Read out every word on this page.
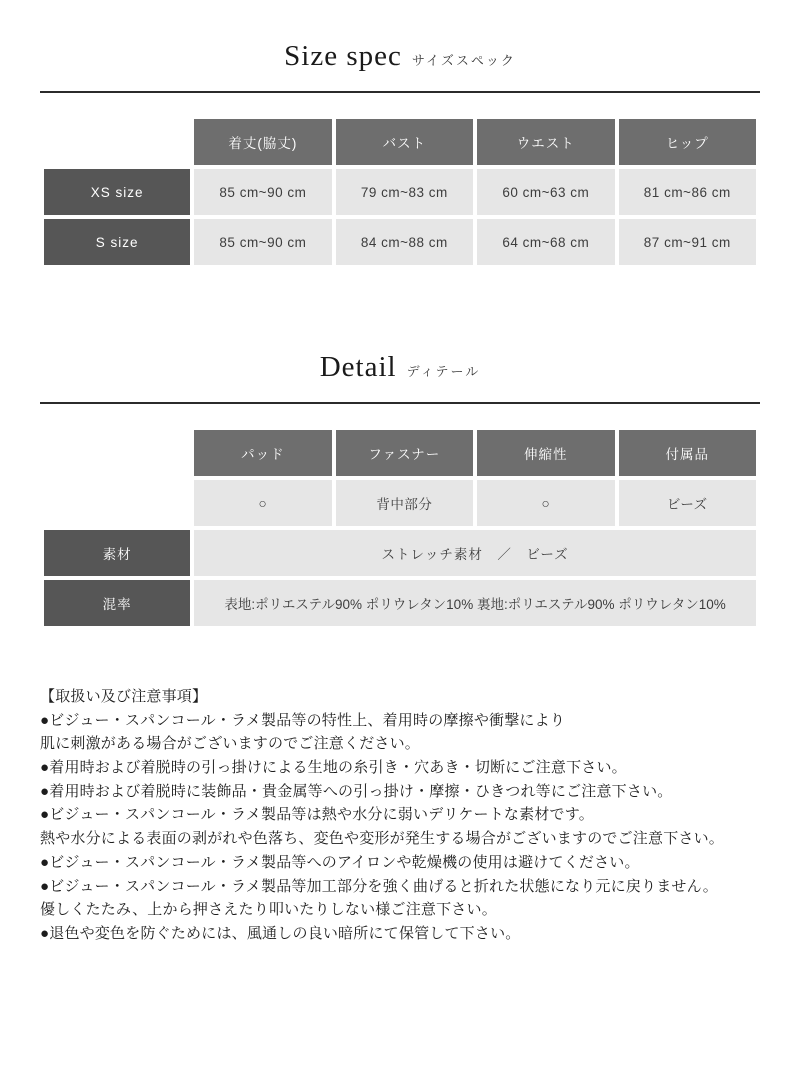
Size spec サイズスペック
	着丈(脇丈)	バスト	ウエスト	ヒップ
XS size	85 cm~90 cm	79 cm~83 cm	60 cm~63 cm	81 cm~86 cm
S size	85 cm~90 cm	84 cm~88 cm	64 cm~68 cm	87 cm~91 cm
Detail ディテール
	パッド	ファスナー	伸縮性	付属品
	○	背中部分	○	ビーズ
素材	ストレッチ素材　／　ビーズ			
混率	表地:ポリエステル90% ポリウレタン10% 裏地:ポリエステル90% ポリウレタン10%			

【取扱い及び注意事項】

●ビジュー・スパンコール・ラメ製品等の特性上、着用時の摩擦や衝撃により

肌に刺激がある場合がございますのでご注意ください。

●着用時および着脱時の引っ掛けによる生地の糸引き・穴あき・切断にご注意下さい。

●着用時および着脱時に装飾品・貴金属等への引っ掛け・摩擦・ひきつれ等にご注意下さい。

●ビジュー・スパンコール・ラメ製品等は熱や水分に弱いデリケートな素材です。

熱や水分による表面の剥がれや色落ち、変色や変形が発生する場合がございますのでご注意下さい。

●ビジュー・スパンコール・ラメ製品等へのアイロンや乾燥機の使用は避けてください。

●ビジュー・スパンコール・ラメ製品等加工部分を強く曲げると折れた状態になり元に戻りません。

優しくたたみ、上から押さえたり叩いたりしない様ご注意下さい。

●退色や変色を防ぐためには、風通しの良い暗所にて保管して下さい。
